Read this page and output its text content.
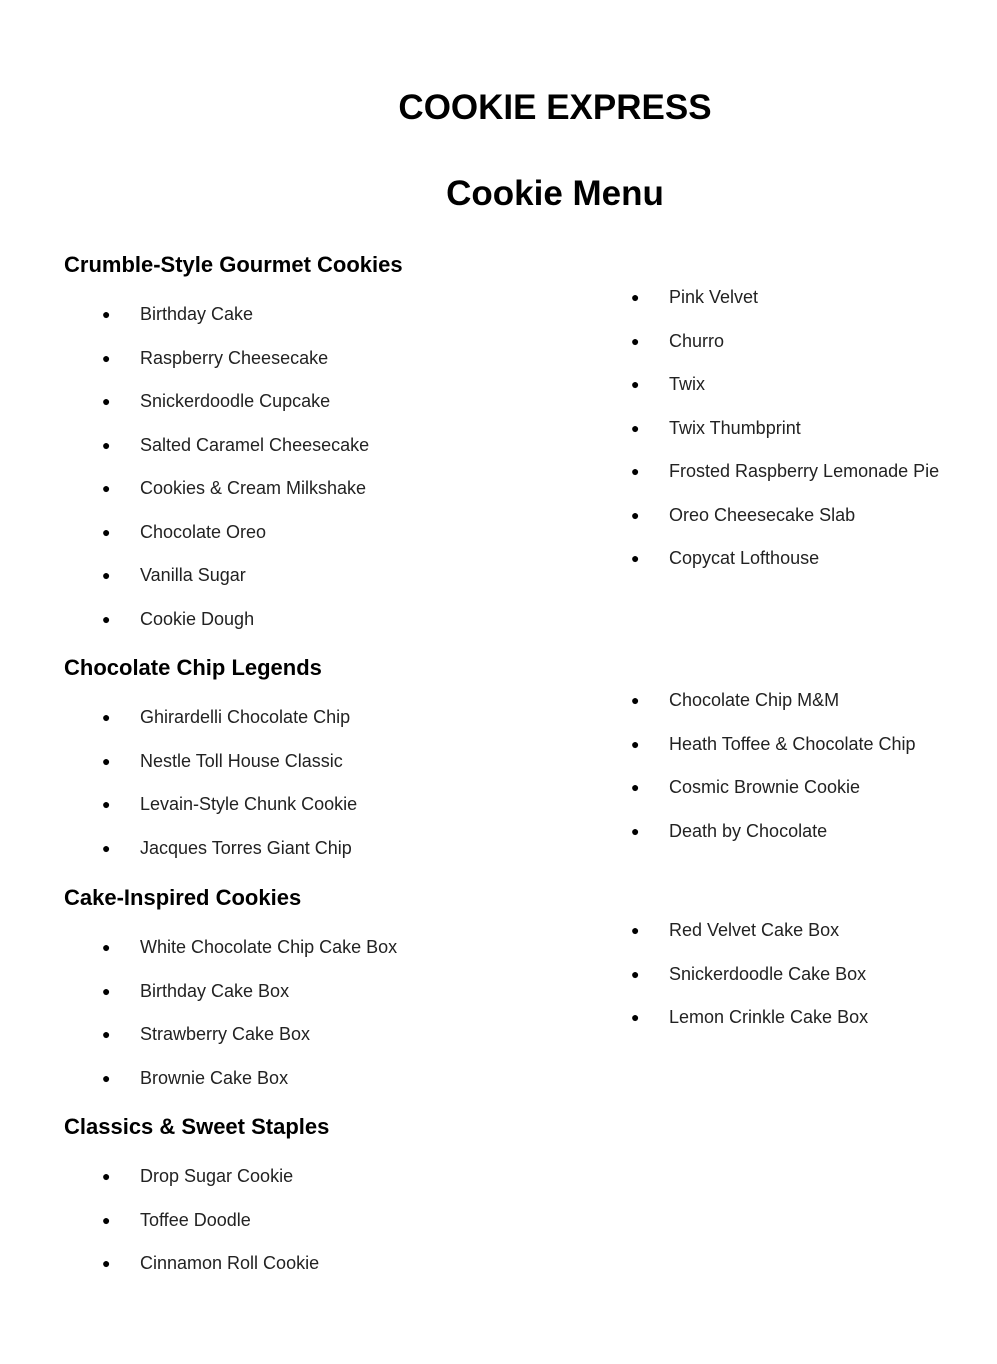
COOKIE EXPRESS
Cookie Menu
Crumble-Style Gourmet Cookies
● Birthday Cake
● Raspberry Cheesecake
● Snickerdoodle Cupcake
● Salted Caramel Cheesecake
● Cookies & Cream Milkshake
● Chocolate Oreo
● Vanilla Sugar
● Cookie Dough
● Pink Velvet
● Churro
● Twix
● Twix Thumbprint
● Frosted Raspberry Lemonade Pie
● Oreo Cheesecake Slab
● Copycat Lofthouse
Chocolate Chip Legends
● Ghirardelli Chocolate Chip
● Nestle Toll House Classic
● Levain-Style Chunk Cookie
● Jacques Torres Giant Chip
● Chocolate Chip M&M
● Heath Toffee & Chocolate Chip
● Cosmic Brownie Cookie
● Death by Chocolate
Cake-Inspired Cookies
● White Chocolate Chip Cake Box
● Birthday Cake Box
● Strawberry Cake Box
● Brownie Cake Box
● Red Velvet Cake Box
● Snickerdoodle Cake Box
● Lemon Crinkle Cake Box
Classics & Sweet Staples
● Drop Sugar Cookie
● Toffee Doodle
● Cinnamon Roll Cookie
